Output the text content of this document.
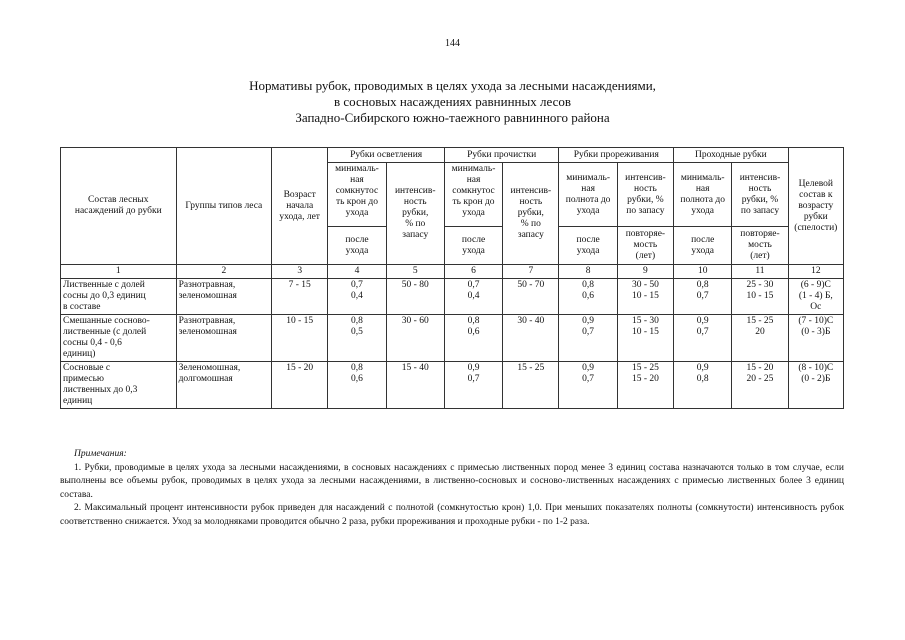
144
Нормативы рубок, проводимых в целях ухода за лесными насаждениями,
в сосновых насаждениях равнинных лесов
Западно-Сибирского южно-таежного равнинного района
Состав лесных насаждений до рубки	Группы типов леса	Возраст начала ухода, лет	Рубки осветления		Рубки прочистки		Рубки прореживания		Проходные рубки		Целевой
состав к
возрасту
рубки
(спелости)

			минималь-
ная
сомкнутос
ть крон до
ухода	интенсив-
ность
рубки,
% по
запасу	минималь-
ная
сомкнутос
ть крон до
ухода	интенсив-
ность
рубки,
% по
запасу	минималь-
ная
полнота до
ухода	интенсив-
ность
рубки, %
по запасу	минималь-
ная
полнота до
ухода	интенсив-
ность
рубки, %
по запасу	

			после
ухода		после
ухода		после
ухода	повторяе-
мость
(лет)	после
ухода	повторяе-
мость
(лет)	

1	2	3	4	5	6	7	8	9	10	11	12

Лиственные с долей
сосны до 0,3 единиц
в составе	Разнотравная,
зеленомошная	7 - 15	0,7
0,4	50 - 80	0,7
0,4	50 - 70	0,8
0,6	30 - 50
10 - 15	0,8
0,7	25 - 30
10 - 15	(6 - 9)С
(1 - 4) Б,
Ос

Смешанные сосново-
лиственные (с долей
сосны 0,4 - 0,6
единиц)	Разнотравная,
зеленомошная	10 - 15	0,8
0,5	30 - 60	0,8
0,6	30 - 40	0,9
0,7	15 - 30
10 - 15	0,9
0,7	15 - 25
20	(7 - 10)С
(0 - 3)Б

Сосновые с
примесью
лиственных до 0,3
единиц	Зеленомошная,
долгомошная	15 - 20	0,8
0,6	15 - 40	0,9
0,7	15 - 25	0,9
0,7	15 - 25
15 - 20	0,9
0,8	15 - 20
20 - 25	(8 - 10)С
(0 - 2)Б
Примечания:

1. Рубки, проводимые в целях ухода за лесными насаждениями, в сосновых насаждениях с примесью лиственных пород менее 3 единиц состава назначаются только в том случае, если выполнены все объемы рубок, проводимых в целях ухода за лесными насаждениями, в лиственно-сосновых и сосново-лиственных насаждениях с примесью лиственных более 3 единиц состава.

2. Максимальный процент интенсивности рубок приведен для насаждений с полнотой (сомкнутостью крон) 1,0. При меньших показателях полноты (сомкнутости) интенсивность рубок соответственно снижается. Уход за молодняками проводится обычно 2 раза, рубки прореживания и проходные рубки - по 1-2 раза.
